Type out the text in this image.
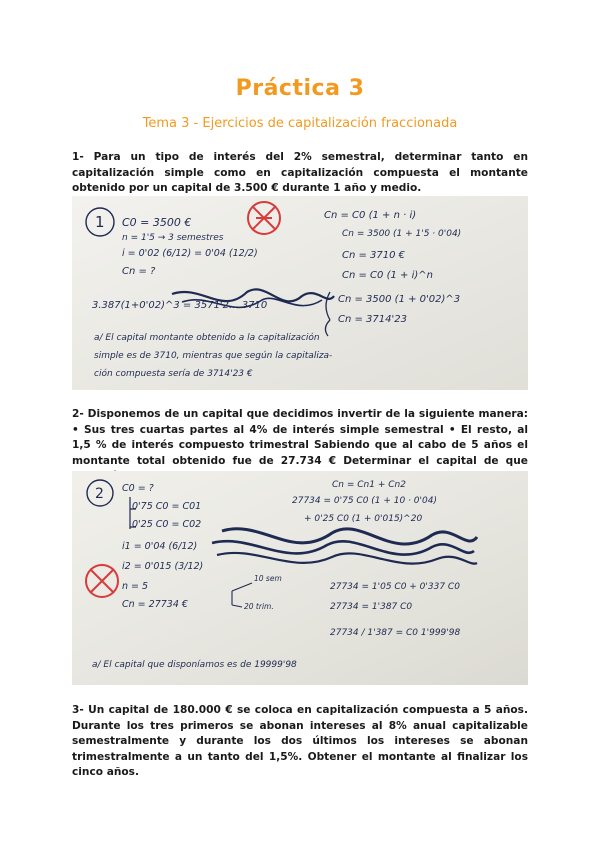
Práctica 3
Tema 3 - Ejercicios de capitalización fraccionada
1- Para un tipo de interés del 2% semestral, determinar tanto en capitalización simple como en capitalización compuesta el montante obtenido por un capital de 3.500 € durante 1 año y medio.
1 C0 = 3500 €
n = 1'5 → 3 semestres
i = 0'02 (6/12) = 0'04 (12/2)
Cn = ?
Cn = C0 (1 + n · i)
Cn = 3500 (1 + 1'5 · 0'04)
Cn = 3710 €
Cn = C0 (1 + i)^n
Cn = 3500 (1 + 0'02)^3
Cn = 3714'23
3.387(1+0'02)^3 = 3571'2... 3710
a/ El capital montante obtenido a la capitalización
simple es de 3710, mientras que según la capitaliza-
ción compuesta sería de 3714'23 €
2- Disponemos de un capital que decidimos invertir de la siguiente manera: • Sus tres cuartas partes al 4% de interés simple semestral • El resto, al 1,5 % de interés compuesto trimestral Sabiendo que al cabo de 5 años el montante total obtenido fue de 27.734 € Determinar el capital de que
2 C0 = ?
0'75 C0 = C01
0'25 C0 = C02
i1 = 0'04 (6/12)
i2 = 0'015 (3/12)
n = 5
Cn = 27734 €
10 sem
20 trim.
Cn = Cn1 + Cn2
27734 = 0'75 C0 (1 + 10 · 0'04)
+ 0'25 C0 (1 + 0'015)^20
27734 = 1'05 C0 + 0'337 C0
27734 = 1'387 C0
27734 / 1'387 = C0 1'999'98
a/ El capital que disponíamos es de 19999'98
3- Un capital de 180.000 € se coloca en capitalización compuesta a 5 años. Durante los tres primeros se abonan intereses al 8% anual capitalizable semestralmente y durante los dos últimos los intereses se abonan trimestralmente a un tanto del 1,5%. Obtener el montante al finalizar los cinco años.
